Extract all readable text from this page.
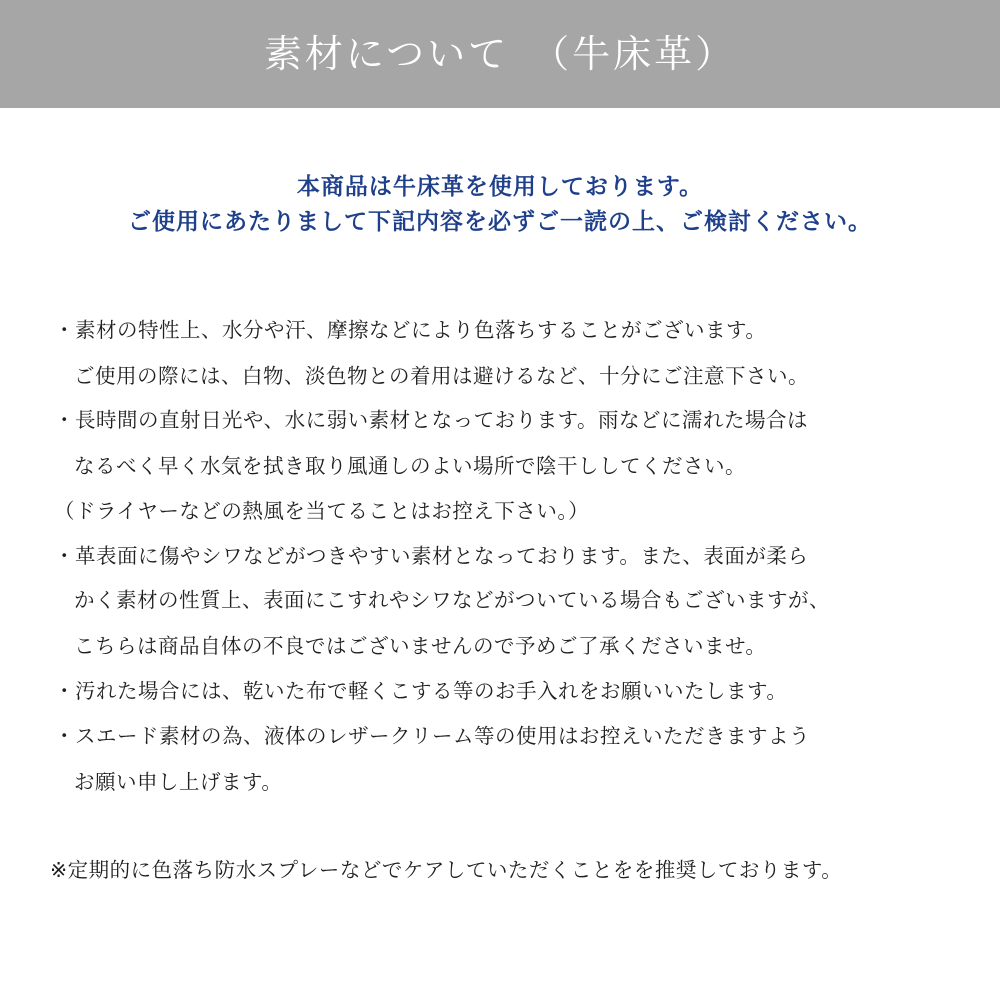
素材について　（牛床革）
本商品は牛床革を使用しております。
ご使用にあたりまして下記内容を必ずご一読の上、ご検討ください。
・素材の特性上、水分や汗、摩擦などにより色落ちすることがございます。
ご使用の際には、白物、淡色物との着用は避けるなど、十分にご注意下さい。
・長時間の直射日光や、水に弱い素材となっております。雨などに濡れた場合は
なるべく早く水気を拭き取り風通しのよい場所で陰干ししてください。
（ドライヤーなどの熱風を当てることはお控え下さい。）
・革表面に傷やシワなどがつきやすい素材となっております。また、表面が柔ら
かく素材の性質上、表面にこすれやシワなどがついている場合もございますが、
こちらは商品自体の不良ではございませんので予めご了承くださいませ。
・汚れた場合には、乾いた布で軽くこする等のお手入れをお願いいたします。
・スエード素材の為、液体のレザークリーム等の使用はお控えいただきますよう
お願い申し上げます。
※定期的に色落ち防水スプレーなどでケアしていただくことをを推奨しております。
